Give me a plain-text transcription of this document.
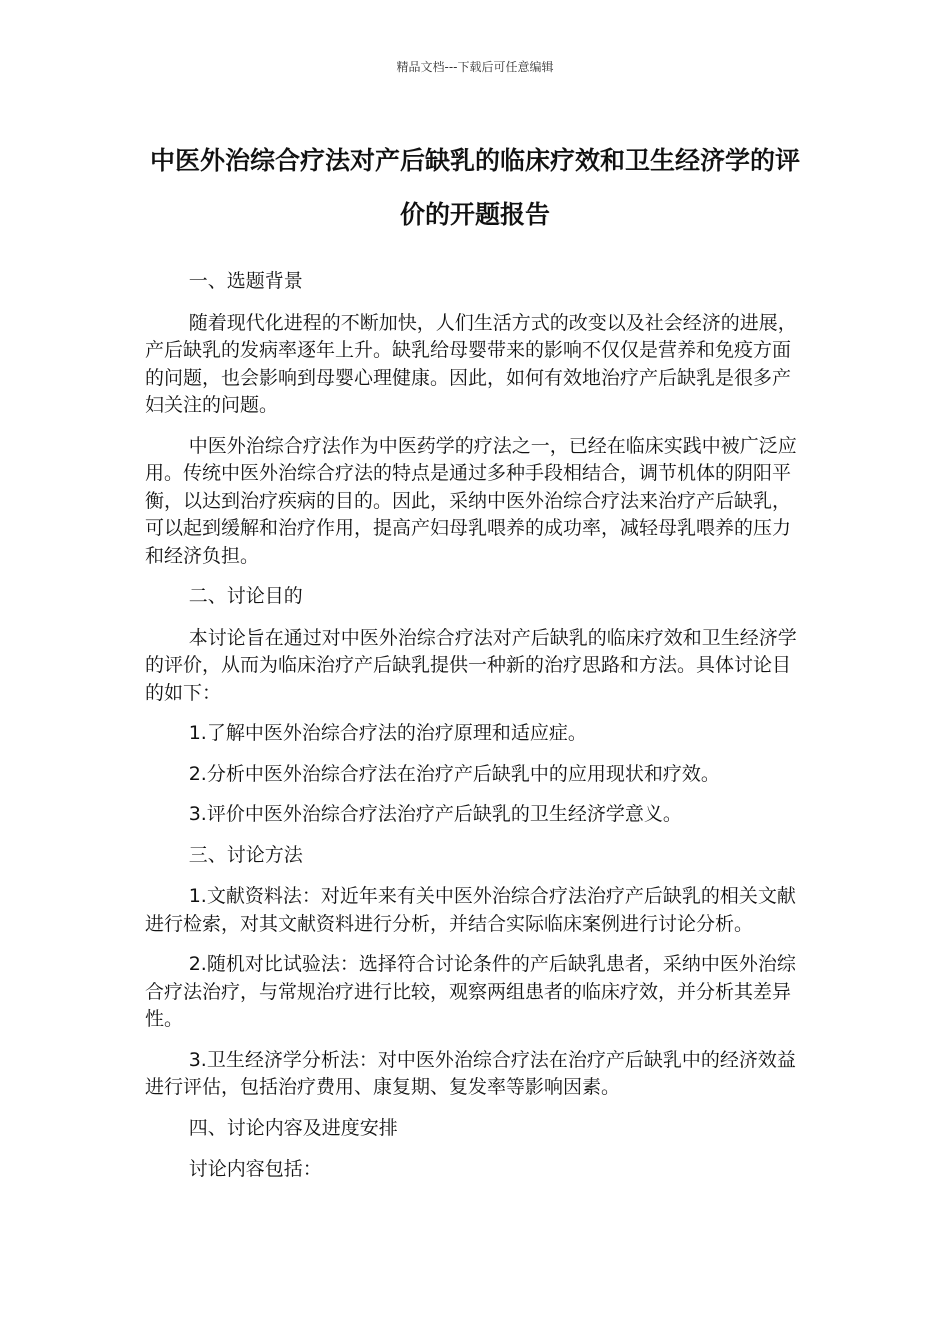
精品文档---下载后可任意编辑
中医外治综合疗法对产后缺乳的临床疗效和卫生经济学的评价的开题报告

一、选题背景

随着现代化进程的不断加快，人们生活方式的改变以及社会经济的进展，产后缺乳的发病率逐年上升。缺乳给母婴带来的影响不仅仅是营养和免疫方面的问题，也会影响到母婴心理健康。因此，如何有效地治疗产后缺乳是很多产妇关注的问题。

中医外治综合疗法作为中医药学的疗法之一，已经在临床实践中被广泛应用。传统中医外治综合疗法的特点是通过多种手段相结合，调节机体的阴阳平衡，以达到治疗疾病的目的。因此，采纳中医外治综合疗法来治疗产后缺乳，可以起到缓解和治疗作用，提高产妇母乳喂养的成功率，减轻母乳喂养的压力和经济负担。

二、讨论目的

本讨论旨在通过对中医外治综合疗法对产后缺乳的临床疗效和卫生经济学的评价，从而为临床治疗产后缺乳提供一种新的治疗思路和方法。具体讨论目的如下：

1.了解中医外治综合疗法的治疗原理和适应症。

2.分析中医外治综合疗法在治疗产后缺乳中的应用现状和疗效。

3.评价中医外治综合疗法治疗产后缺乳的卫生经济学意义。

三、讨论方法

1.文献资料法：对近年来有关中医外治综合疗法治疗产后缺乳的相关文献进行检索，对其文献资料进行分析，并结合实际临床案例进行讨论分析。

2.随机对比试验法：选择符合讨论条件的产后缺乳患者，采纳中医外治综合疗法治疗，与常规治疗进行比较，观察两组患者的临床疗效，并分析其差异性。

3.卫生经济学分析法：对中医外治综合疗法在治疗产后缺乳中的经济效益进行评估，包括治疗费用、康复期、复发率等影响因素。

四、讨论内容及进度安排

讨论内容包括：
